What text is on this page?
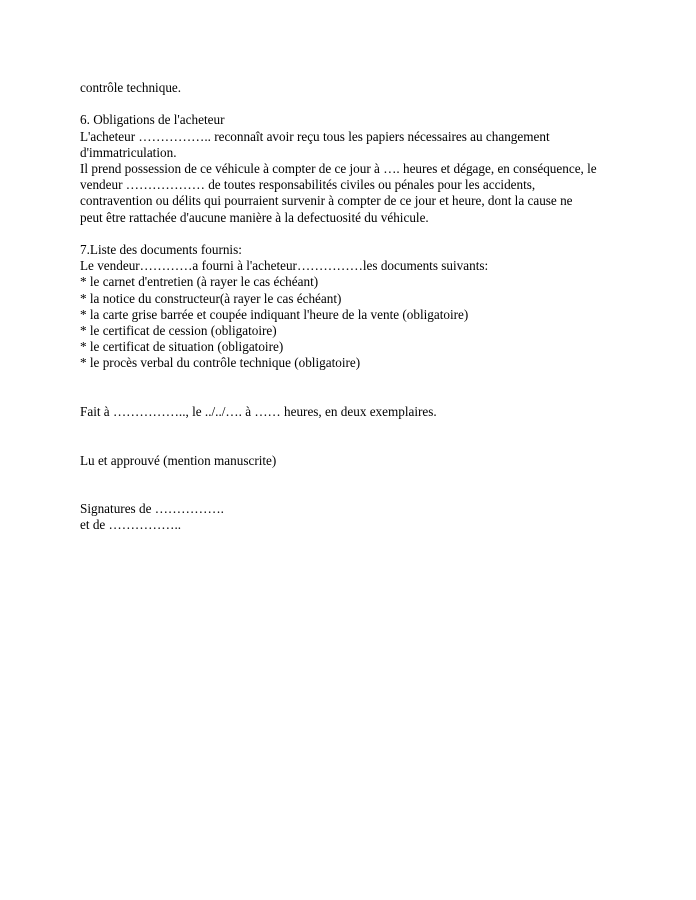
contrôle technique.
6. Obligations de l'acheteur
L'acheteur …………….. reconnaît avoir reçu tous les papiers nécessaires au changement
d'immatriculation.
Il prend possession de ce véhicule à compter de ce jour à …. heures et dégage, en conséquence, le
vendeur ……………… de toutes responsabilités civiles ou pénales pour les accidents,
contravention ou délits qui pourraient survenir à compter de ce jour et heure, dont la cause ne
peut être rattachée d'aucune manière à la defectuosité du véhicule.
7.Liste des documents fournis:
Le vendeur…………a fourni à l'acheteur……………les documents suivants:
* le carnet d'entretien (à rayer le cas échéant)
* la notice du constructeur(à rayer le cas échéant)
* la carte grise barrée et coupée indiquant l'heure de la vente (obligatoire)
* le certificat de cession (obligatoire)
* le certificat de situation (obligatoire)
* le procès verbal du contrôle technique (obligatoire)
Fait à …………….., le ../../…. à …… heures, en deux exemplaires.
Lu et approuvé (mention manuscrite)
Signatures de …………….
et de ……………..
